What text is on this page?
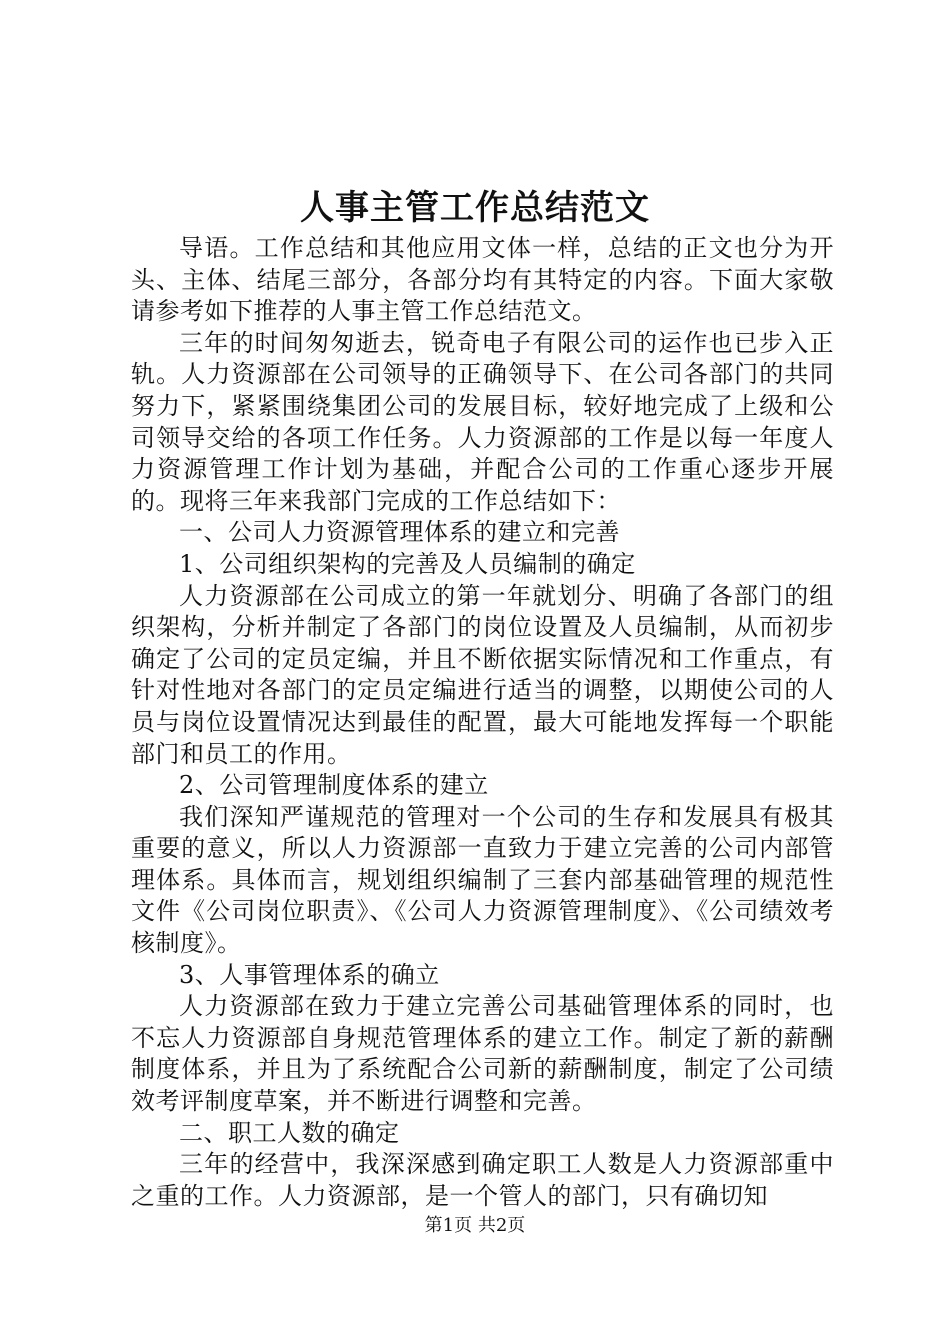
人事主管工作总结范文

导语。工作总结和其他应用文体一样，总结的正文也分为开头、主体、结尾三部分，各部分均有其特定的内容。下面大家敬请参考如下推荐的人事主管工作总结范文。

三年的时间匆匆逝去，锐奇电子有限公司的运作也已步入正轨。人力资源部在公司领导的正确领导下、在公司各部门的共同努力下，紧紧围绕集团公司的发展目标，较好地完成了上级和公司领导交给的各项工作任务。人力资源部的工作是以每一年度人力资源管理工作计划为基础，并配合公司的工作重心逐步开展的。现将三年来我部门完成的工作总结如下：

一、公司人力资源管理体系的建立和完善

1、公司组织架构的完善及人员编制的确定

人力资源部在公司成立的第一年就划分、明确了各部门的组织架构，分析并制定了各部门的岗位设置及人员编制，从而初步确定了公司的定员定编，并且不断依据实际情况和工作重点，有针对性地对各部门的定员定编进行适当的调整，以期使公司的人员与岗位设置情况达到最佳的配置，最大可能地发挥每一个职能部门和员工的作用。

2、公司管理制度体系的建立

我们深知严谨规范的管理对一个公司的生存和发展具有极其重要的意义，所以人力资源部一直致力于建立完善的公司内部管理体系。具体而言，规划组织编制了三套内部基础管理的规范性文件《公司岗位职责》、《公司人力资源管理制度》、《公司绩效考核制度》。

3、人事管理体系的确立

人力资源部在致力于建立完善公司基础管理体系的同时，也不忘人力资源部自身规范管理体系的建立工作。制定了新的薪酬制度体系，并且为了系统配合公司新的薪酬制度，制定了公司绩效考评制度草案，并不断进行调整和完善。

二、职工人数的确定

三年的经营中，我深深感到确定职工人数是人力资源部重中之重的工作。人力资源部，是一个管人的部门，只有确切知

第1页 共2页
